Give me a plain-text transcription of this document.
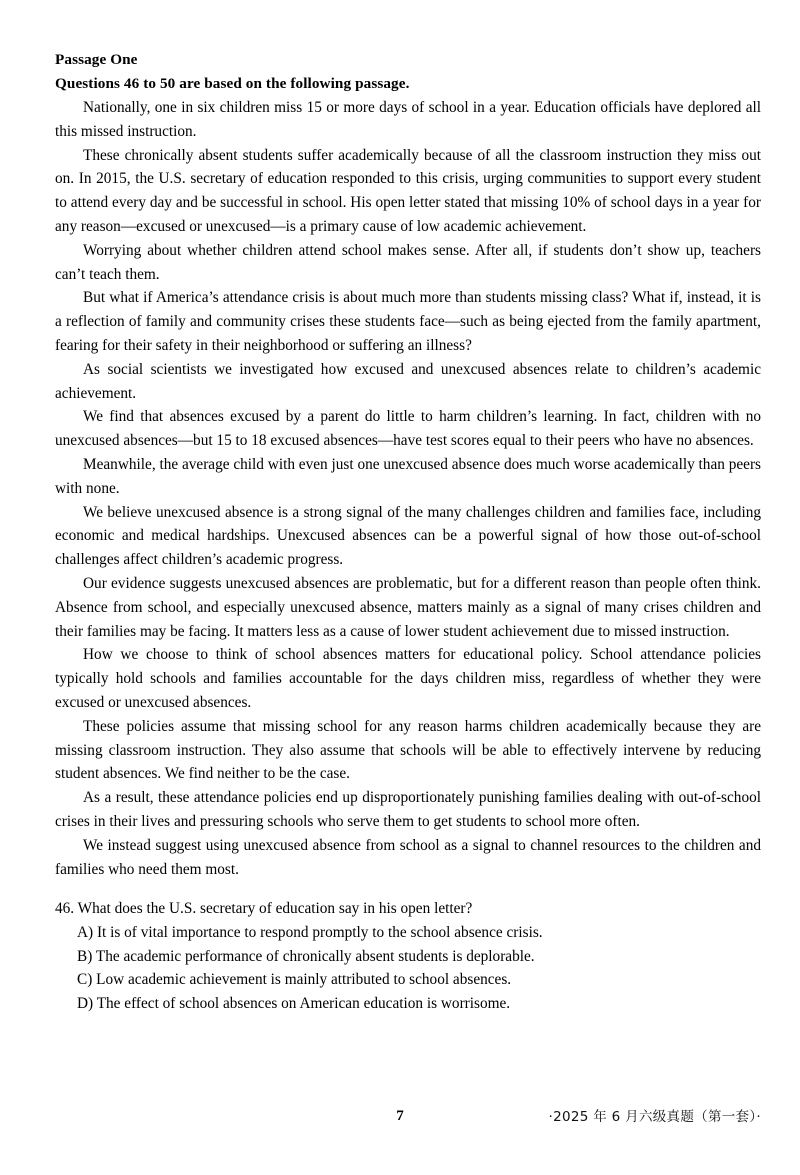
Passage One
Questions 46 to 50 are based on the following passage.

Nationally, one in six children miss 15 or more days of school in a year. Education officials have deplored all this missed instruction.

These chronically absent students suffer academically because of all the classroom instruction they miss out on. In 2015, the U.S. secretary of education responded to this crisis, urging communities to support every student to attend every day and be successful in school. His open letter stated that missing 10% of school days in a year for any reason—excused or unexcused—is a primary cause of low academic achievement.

Worrying about whether children attend school makes sense. After all, if students don’t show up, teachers can’t teach them.

But what if America’s attendance crisis is about much more than students missing class? What if, instead, it is a reflection of family and community crises these students face—such as being ejected from the family apartment, fearing for their safety in their neighborhood or suffering an illness?

As social scientists we investigated how excused and unexcused absences relate to children’s academic achievement.

We find that absences excused by a parent do little to harm children’s learning. In fact, children with no unexcused absences—but 15 to 18 excused absences—have test scores equal to their peers who have no absences.

Meanwhile, the average child with even just one unexcused absence does much worse academically than peers with none.

We believe unexcused absence is a strong signal of the many challenges children and families face, including economic and medical hardships. Unexcused absences can be a powerful signal of how those out-of-school challenges affect children’s academic progress.

Our evidence suggests unexcused absences are problematic, but for a different reason than people often think. Absence from school, and especially unexcused absence, matters mainly as a signal of many crises children and their families may be facing. It matters less as a cause of lower student achievement due to missed instruction.

How we choose to think of school absences matters for educational policy. School attendance policies typically hold schools and families accountable for the days children miss, regardless of whether they were excused or unexcused absences.

These policies assume that missing school for any reason harms children academically because they are missing classroom instruction. They also assume that schools will be able to effectively intervene by reducing student absences. We find neither to be the case.

As a result, these attendance policies end up disproportionately punishing families dealing with out-of-school crises in their lives and pressuring schools who serve them to get students to school more often.

We instead suggest using unexcused absence from school as a signal to channel resources to the children and families who need them most.

46. What does the U.S. secretary of education say in his open letter?

A) It is of vital importance to respond promptly to the school absence crisis.
B) The academic performance of chronically absent students is deplorable.
C) Low academic achievement is mainly attributed to school absences.
D) The effect of school absences on American education is worrisome.
7	·2025 年 6 月六级真题（第一套）·
